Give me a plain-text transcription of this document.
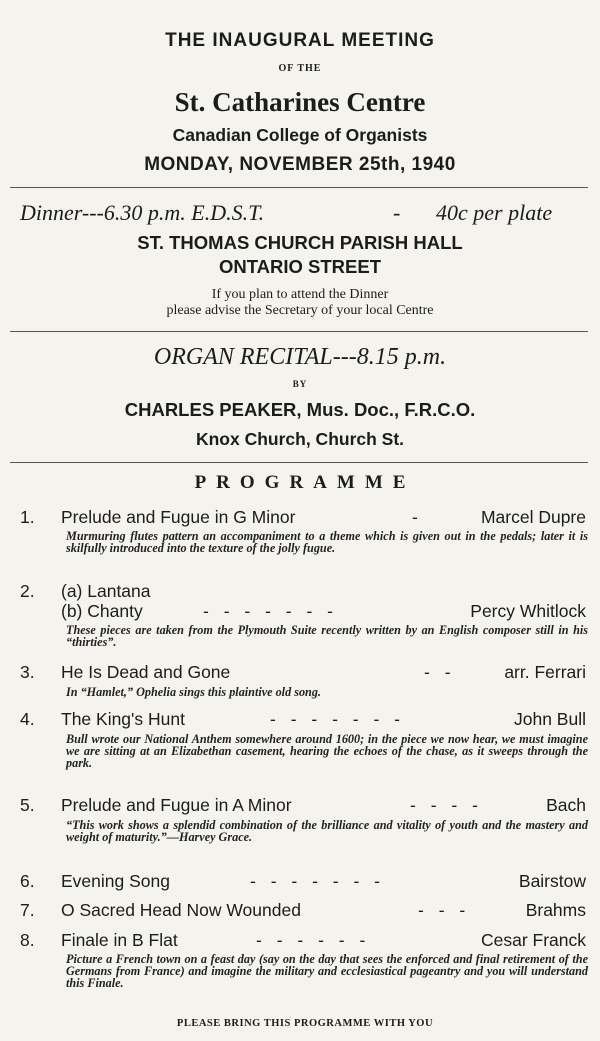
THE INAUGURAL MEETING
OF THE
St. Catharines Centre
Canadian College of Organists
MONDAY, NOVEMBER 25th, 1940
Dinner---6.30 p.m. E.D.S.T.	- 40c per plate
ST. THOMAS CHURCH PARISH HALL
ONTARIO STREET
If you plan to attend the Dinner
please advise the Secretary of your local Centre
ORGAN RECITAL---8.15 p.m.
BY
CHARLES PEAKER, Mus. Doc., F.R.C.O.
Knox Church, Church St.
PROGRAMME
1. Prelude and Fugue in G Minor	-	Marcel Dupre
Murmuring flutes pattern an accompaniment to a theme which is given out in the pedals; later it is skilfully introduced into the texture of the jolly fugue.
2. (a) Lantana
(b) Chanty	- - - - - - -	Percy Whitlock
These pieces are taken from the Plymouth Suite recently written by an English composer still in his “thirties”.
3. He Is Dead and Gone	- -	arr. Ferrari
In “Hamlet,” Ophelia sings this plaintive old song.
4. The King's Hunt	- - - - - - -	John Bull
Bull wrote our National Anthem somewhere around 1600; in the piece we now hear, we must imagine we are sitting at an Elizabethan casement, hearing the echoes of the chase, as it sweeps through the park.
5. Prelude and Fugue in A Minor	- - - -	Bach
“This work shows a splendid combination of the brilliance and vitality of youth and the mastery and weight of maturity.”—Harvey Grace.
6. Evening Song	- - - - - - -	Bairstow
7. O Sacred Head Now Wounded	- - -	Brahms
8. Finale in B Flat	- - - - - -	Cesar Franck
Picture a French town on a feast day (say on the day that sees the enforced and final retirement of the Germans from France) and imagine the military and ecclesiastical pageantry and you will understand this Finale.
PLEASE BRING THIS PROGRAMME WITH YOU
